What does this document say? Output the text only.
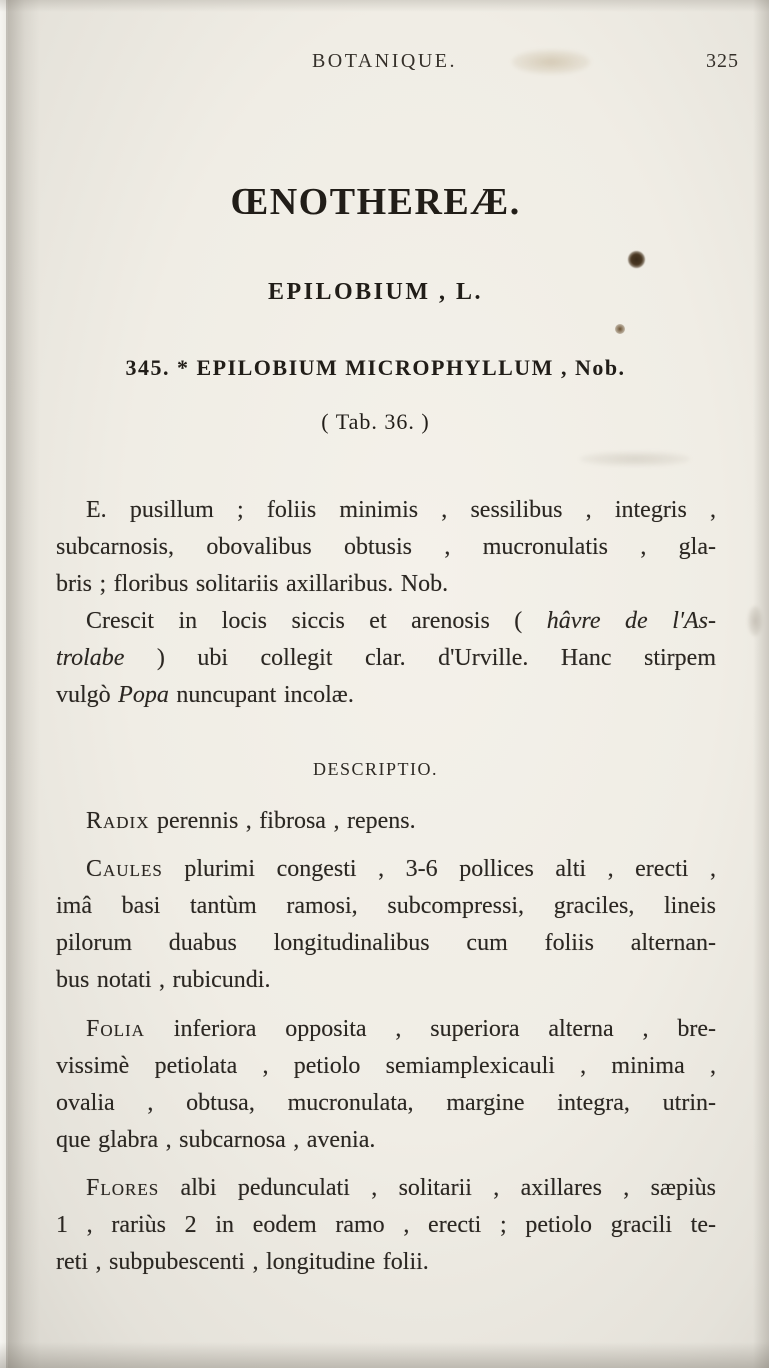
BOTANIQUE.	325
ŒNOTHEREÆ.
EPILOBIUM , L.
345. * EPILOBIUM MICROPHYLLUM , Nob.
( Tab. 36. )
DESCRIPTIO.
E. pusillum ; foliis minimis , sessilibus , integris ,
subcarnosis, obovalibus obtusis , mucronulatis , gla-
bris ; floribus solitariis axillaribus. Nob.
Crescit in locis siccis et arenosis ( hâvre de l'As-
trolabe ) ubi collegit clar. d'Urville. Hanc stirpem
vulgò Popa nuncupant incolæ.
Radix perennis , fibrosa , repens.
Caules plurimi congesti , 3-6 pollices alti , erecti ,
imâ basi tantùm ramosi, subcompressi, graciles, lineis
pilorum duabus longitudinalibus cum foliis alternan-
bus notati , rubicundi.
Folia inferiora opposita , superiora alterna , bre-
vissimè petiolata , petiolo semiamplexicauli , minima ,
ovalia , obtusa, mucronulata, margine integra, utrin-
que glabra , subcarnosa , avenia.
Flores albi pedunculati , solitarii , axillares , sæpiùs
1 , rariùs 2 in eodem ramo , erecti ; petiolo gracili te-
reti , subpubescenti , longitudine folii.
